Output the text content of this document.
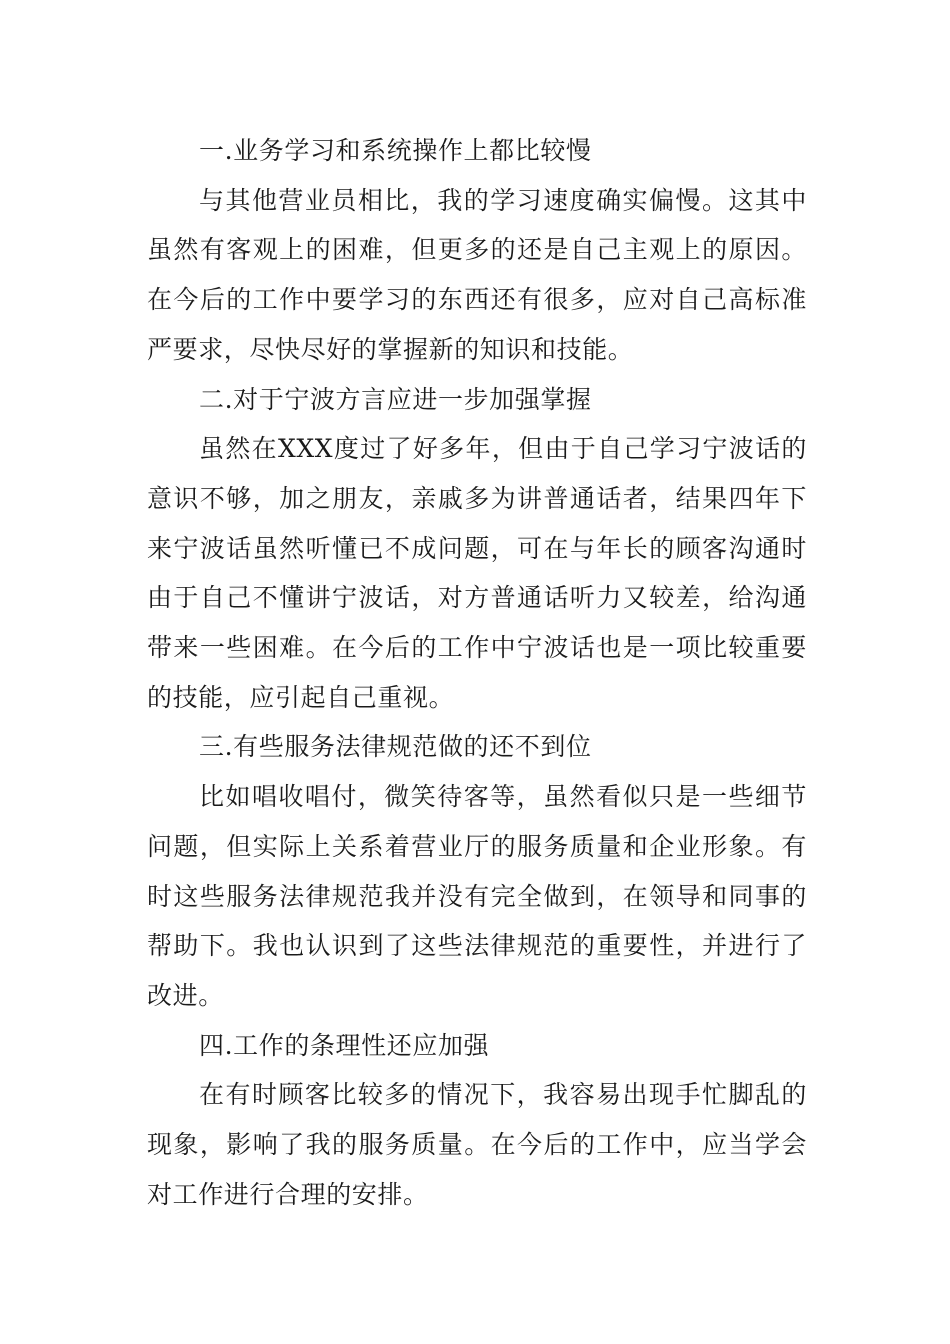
一.业务学习和系统操作上都比较慢

与其他营业员相比，我的学习速度确实偏慢。这其中虽然有客观上的困难，但更多的还是自己主观上的原因。在今后的工作中要学习的东西还有很多，应对自己高标准严要求，尽快尽好的掌握新的知识和技能。

二.对于宁波方言应进一步加强掌握

虽然在XXX度过了好多年，但由于自己学习宁波话的意识不够，加之朋友，亲戚多为讲普通话者，结果四年下来宁波话虽然听懂已不成问题，可在与年长的顾客沟通时由于自己不懂讲宁波话，对方普通话听力又较差，给沟通带来一些困难。在今后的工作中宁波话也是一项比较重要的技能，应引起自己重视。

三.有些服务法律规范做的还不到位

比如唱收唱付，微笑待客等，虽然看似只是一些细节问题，但实际上关系着营业厅的服务质量和企业形象。有时这些服务法律规范我并没有完全做到，在领导和同事的帮助下。我也认识到了这些法律规范的重要性，并进行了改进。

四.工作的条理性还应加强

在有时顾客比较多的情况下，我容易出现手忙脚乱的现象，影响了我的服务质量。在今后的工作中，应当学会对工作进行合理的安排。
